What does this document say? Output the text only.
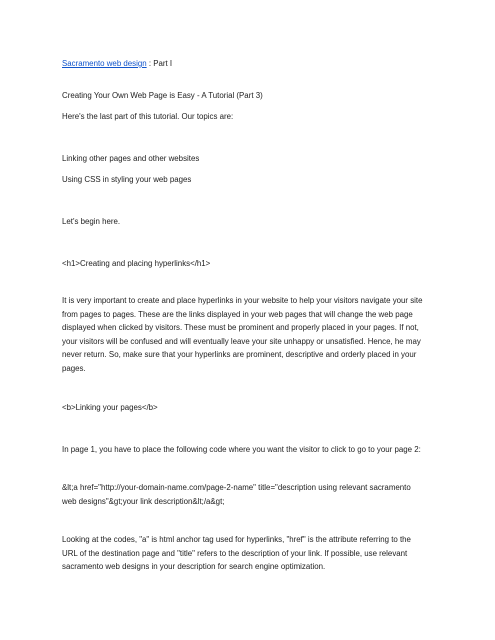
Sacramento web design : Part I
Creating Your Own Web Page is Easy - A Tutorial (Part 3)
Here's the last part of this tutorial. Our topics are:
Linking other pages and other websites
Using CSS in styling your web pages
Let's begin here.
<h1>Creating and placing hyperlinks</h1>
It is very important to create and place hyperlinks in your website to help your visitors navigate your site
from pages to pages. These are the links displayed in your web pages that will change the web page
displayed when clicked by visitors. These must be prominent and properly placed in your pages. If not,
your visitors will be confused and will eventually leave your site unhappy or unsatisfied. Hence, he may
never return. So, make sure that your hyperlinks are prominent, descriptive and orderly placed in your
pages.
<b>Linking your pages</b>
In page 1, you have to place the following code where you want the visitor to click to go to your page 2:
&lt;a href="http://your-domain-name.com/page-2-name" title="description using relevant sacramento
web designs"&gt;your link description&lt;/a&gt;
Looking at the codes, "a" is html anchor tag used for hyperlinks, "href" is the attribute referring to the
URL of the destination page and "title" refers to the description of your link. If possible, use relevant
sacramento web designs in your description for search engine optimization.
